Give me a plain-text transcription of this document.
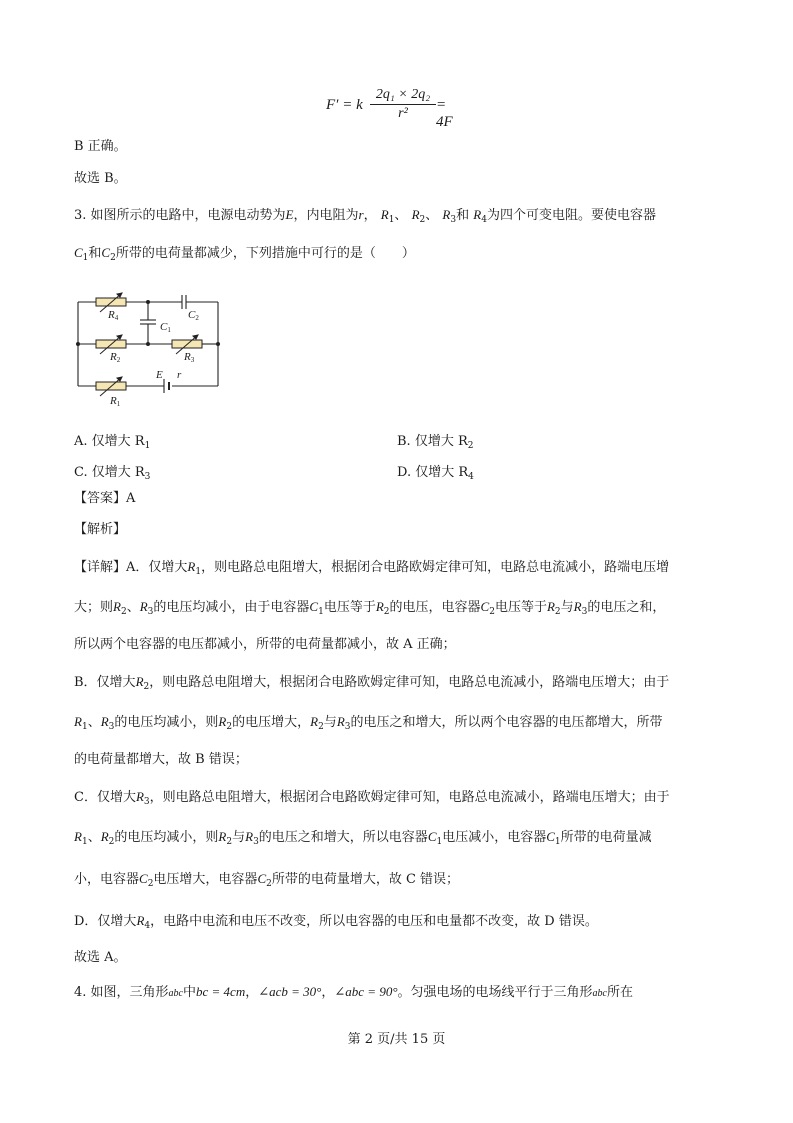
F′ = k $\frac{\text{2q₁ × 2q₂}}{\text{r²}} = 4F$
B 正确。
故选 B。
3. 如图所示的电路中，电源电动势为E，内电阻为r， $R_1$、 $R_2$、 $R_3$和 $R_4$为四个可变电阻。要使电容器
$C_1$和$C_2$所带的电荷量都减少，下列措施中可行的是（　　）
R4
C1
C2
R2	R3
E r
R1
A. 仅增大 $R_1$	B. 仅增大 $R_2$
C. 仅增大 $R_3$	D. 仅增大 $R_4$
【答案】A
【解析】
【详解】A．仅增大$R_1$，则电路总电阻增大，根据闭合电路欧姆定律可知，电路总电流减小，路端电压增
大；则$R_2$、$R_3$的电压均减小，由于电容器$C_1$电压等于$R_2$的电压，电容器$C_2$电压等于$R_2$与$R_3$的电压之和，
所以两个电容器的电压都减小，所带的电荷量都减小，故 A 正确；
B．仅增大$R_2$，则电路总电阻增大，根据闭合电路欧姆定律可知，电路总电流减小，路端电压增大；由于
$R_1$、$R_3$的电压均减小，则$R_2$的电压增大，$R_2$与$R_3$的电压之和增大，所以两个电容器的电压都增大，所带
的电荷量都增大，故 B 错误；
C．仅增大$R_3$，则电路总电阻增大，根据闭合电路欧姆定律可知，电路总电流减小，路端电压增大；由于
$R_1$、$R_2$的电压均减小，则$R_2$与$R_3$的电压之和增大，所以电容器$C_1$电压减小，电容器$C_1$所带的电荷量减
小，电容器$C_2$电压增大，电容器$C_2$所带的电荷量增大，故 C 错误；
D．仅增大$R_4$，电路中电流和电压不改变，所以电容器的电压和电量都不改变，故 D 错误。
故选 A。
4. 如图，三角形abc中bc = 4cm，∠acb = 30°，∠abc = 90°。匀强电场的电场线平行于三角形abc所在
第 2 页/共 15 页
